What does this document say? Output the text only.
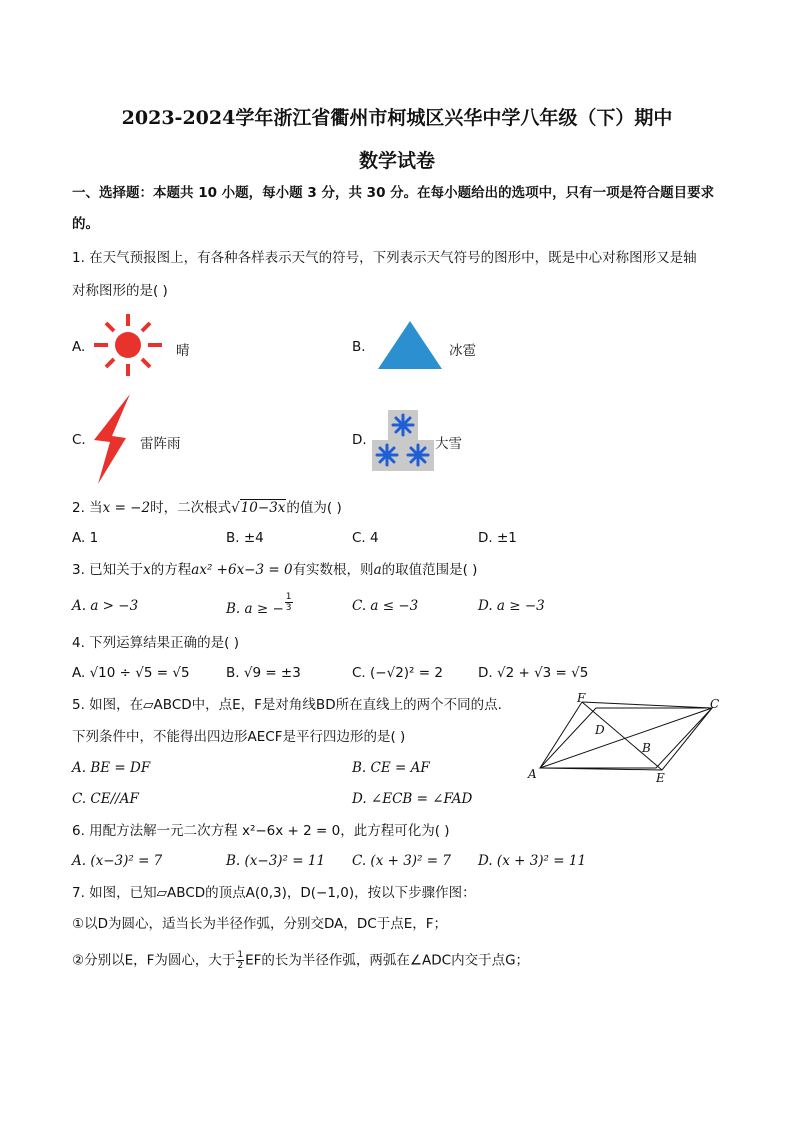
2023-2024学年浙江省衢州市柯城区兴华中学八年级（下）期中
数学试卷
一、选择题：本题共 10 小题，每小题 3 分，共 30 分。在每小题给出的选项中，只有一项是符合题目要求
的。
1. 在天气预报图上，有各种各样表示天气的符号，下列表示天气符号的图形中，既是中心对称图形又是轴
对称图形的是( )
A.	晴	B.	冰雹
C.	雷阵雨	D.	大雪
2. 当x = −2时，二次根式√10−3x的值为( )
A. 1	B. ±4	C. 4	D. ±1
3. 已知关于x的方程ax² +6x−3 = 0有实数根，则a的取值范围是( )
A. a > −3	B. a ≥ − $\frac{1}{3}$	C. a ≤ −3	D. a ≥ −3
4. 下列运算结果正确的是( )
A. √10 ÷ √5 = √5	B. √9 = ±3	C. (−√2)² = 2	D. √2 + √3 = √5
5. 如图，在▱ABCD中，点E，F是对角线BD所在直线上的两个不同的点.
下列条件中，不能得出四边形AECF是平行四边形的是( )
A. BE = DF	B. CE = AF
C. CE//AF	D. ∠ECB = ∠FAD
A
B
C
D
E
F
6. 用配方法解一元二次方程 x²−6x + 2 = 0，此方程可化为( )
A. (x−3)² = 7	B. (x−3)² = 11 C. (x + 3)² = 7 D. (x + 3)² = 11
7. 如图，已知▱ABCD的顶点A(0,3)，D(−1,0)，按以下步骤作图：
①以D为圆心，适当长为半径作弧，分别交DA，DC于点E，F；
②分别以E，F为圆心，大于 $\frac{1}{2}$ EF的长为半径作弧，两弧在∠ADC内交于点G；
